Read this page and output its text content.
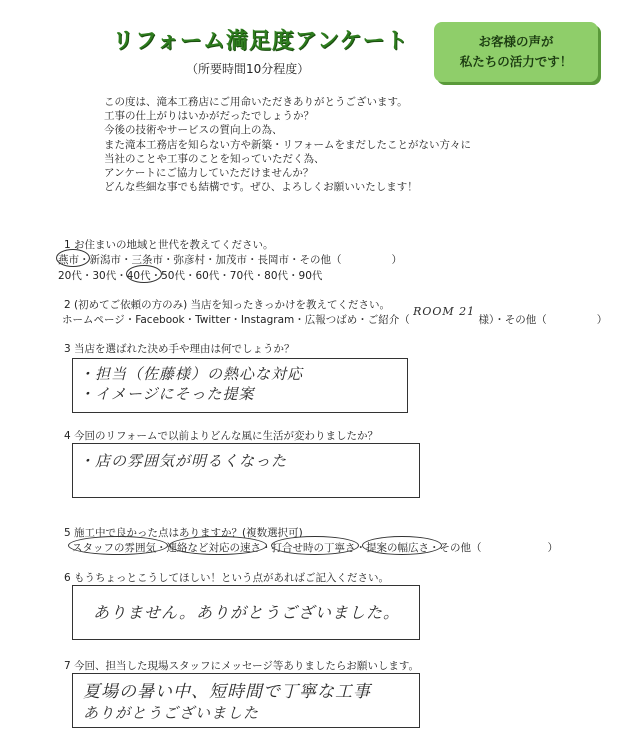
リフォーム満足度アンケート
（所要時間10分程度）
お客様の声が
私たちの活力です！
この度は、滝本工務店にご用命いただきありがとうございます。
工事の仕上がりはいかがだったでしょうか？
今後の技術やサービスの質向上の為、
また滝本工務店を知らない方や新築・リフォームをまだしたことがない方々に
当社のことや工事のことを知っていただく為、
アンケートにご協力していただけませんか？
どんな些細な事でも結構です。ぜひ、よろしくお願いいたします！
1 お住まいの地域と世代を教えてください。
燕市・新潟市・三条市・弥彦村・加茂市・長岡市・その他（	）
20代・30代・40代・50代・60代・70代・80代・90代
2 (初めてご依頼の方のみ) 当店を知ったきっかけを教えてください。
ホームページ・Facebook・Twitter・Instagram・広報つばめ・ご紹介（ ROOM 21 様）・その他（	）
3 当店を選ばれた決め手や理由は何でしょうか？
・担当（佐藤様）の熱心な対応
・イメージにそった提案
4 今回のリフォームで以前よりどんな風に生活が変わりましたか？
・店の雰囲気が明るくなった
5 施工中で良かった点はありますか？(複数選択可)
スタッフの雰囲気・連絡など対応の速さ・打合せ時の丁寧さ・提案の幅広さ・その他（	）
6 もうちょっとこうしてほしい！という点があればご記入ください。
ありません。ありがとうございました。
7 今回、担当した現場スタッフにメッセージ等ありましたらお願いします。
夏場の暑い中、短時間で丁寧な工事
ありがとうございました
